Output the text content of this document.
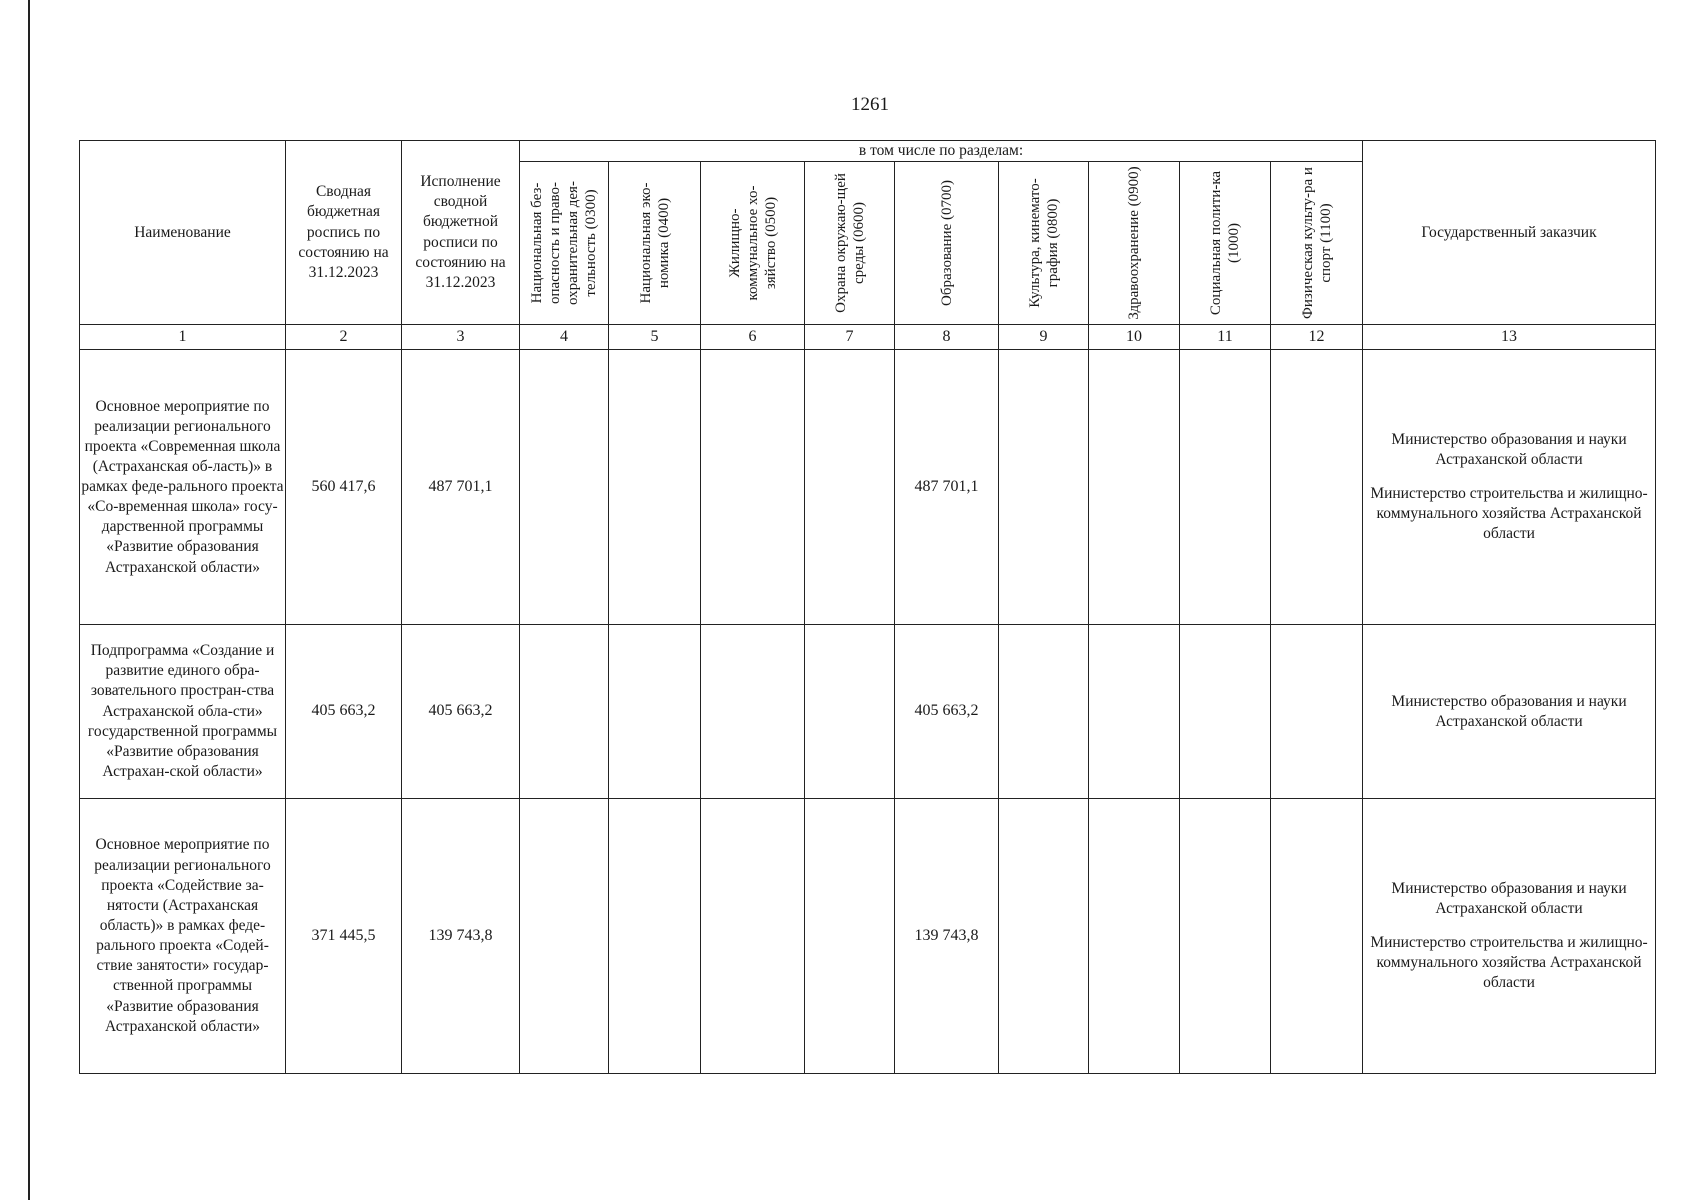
1261
Наименование	Сводная бюджетная роспись по состоянию на 31.12.2023	Исполнение сводной бюджетной росписи по состоянию на 31.12.2023	в том числе по разделам:									Государственный заказчик

			Национальная без-опасность и право-охранительная дея-тельность (0300)	Национальная эко-номика (0400)	Жилищно-коммунальное хо-зяйство (0500)	Охрана окружаю-щей среды (0600)	Образование (0700)	Культура, кинемато-графия (0800)	Здравоохранение (0900)	Социальная полити-ка (1000)	Физическая культу-ра и спорт (1100)	

1	2	3	4	5	6	7	8	9	10	11	12	13
Основное мероприятие по реализации регионального проекта «Современная школа (Астраханская об-ласть)» в рамках феде-рального проекта «Со-временная школа» госу-дарственной программы «Развитие образования Астраханской области»	560 417,6	487 701,1					487 701,1					Министерство образования и науки Астраханской области
Министерство строительства и жилищно-коммунального хозяйства Астраханской области

Подпрограмма «Создание и развитие единого обра-зовательного простран-ства Астраханской обла-сти» государственной программы «Развитие образования Астрахан-ской области»	405 663,2	405 663,2					405 663,2					Министерство образования и науки Астраханской области

Основное мероприятие по реализации регионального проекта «Содействие за-нятости (Астраханская область)» в рамках феде-рального проекта «Содей-ствие занятости» государ-ственной программы «Развитие образования Астраханской области»	371 445,5	139 743,8					139 743,8					Министерство образования и науки Астраханской области
Министерство строительства и жилищно-коммунального хозяйства Астраханской области
